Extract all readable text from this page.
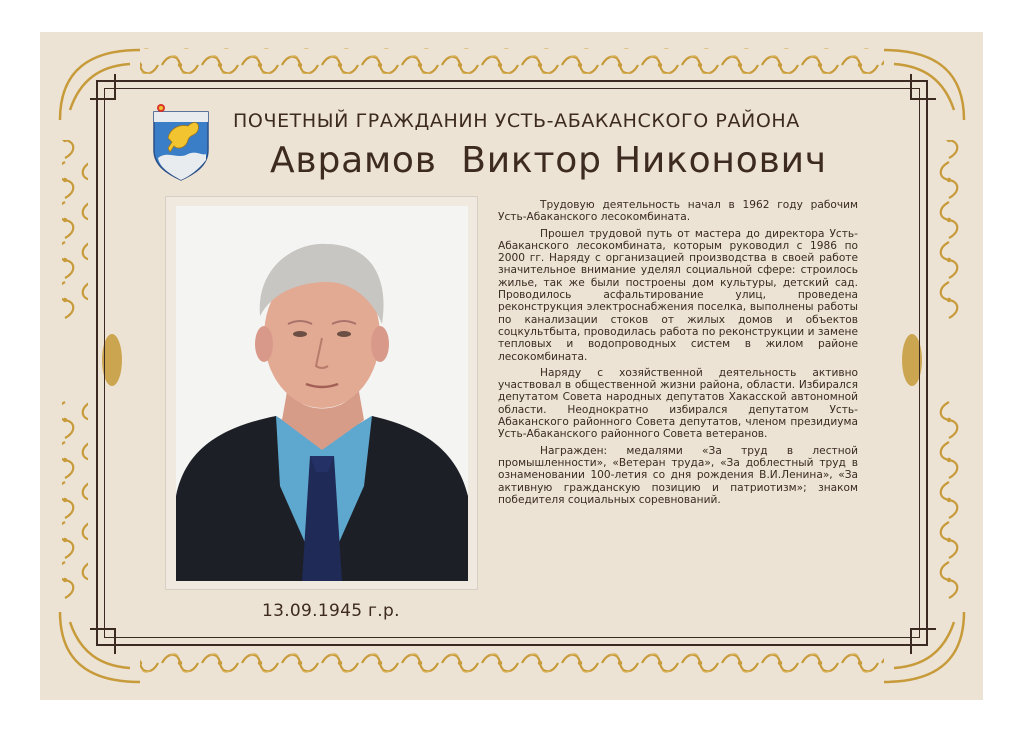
ПОЧЕТНЫЙ ГРАЖДАНИН УСТЬ-АБАКАНСКОГО РАЙОНА
Аврамов  Виктор Никонович
13.09.1945 г.р.

Трудовую деятельность начал в 1962 году рабочим Усть-Абаканского лесокомбината.

Прошел трудовой путь от мастера до директора Усть-Абаканского лесокомбината, которым руководил с 1986 по 2000 гг. Наряду с организацией производства в своей работе значительное внимание уделял социальной сфере: строилось жилье, так же были построены дом культуры, детский сад. Проводилось асфальтирование улиц, проведена реконструкция электроснабжения поселка, выполнены работы по канализации стоков от жилых домов и объектов соцкультбыта, проводилась работа по реконструкции и замене тепловых и водопроводных систем в жилом районе лесокомбината.

Наряду с хозяйственной деятельность активно участвовал в общественной жизни района, области. Избирался депутатом Совета народных депутатов Хакасской автономной области. Неоднократно избирался депутатом Усть-Абаканского районного Совета депутатов, членом президиума Усть-Абаканского районного Совета ветеранов.

Награжден: медалями «За труд в лестной промышленности», «Ветеран труда», «За доблестный труд в ознаменовании 100-летия со дня рождения В.И.Ленина», «За активную гражданскую позицию и патриотизм»; знаком победителя социальных соревнований.
